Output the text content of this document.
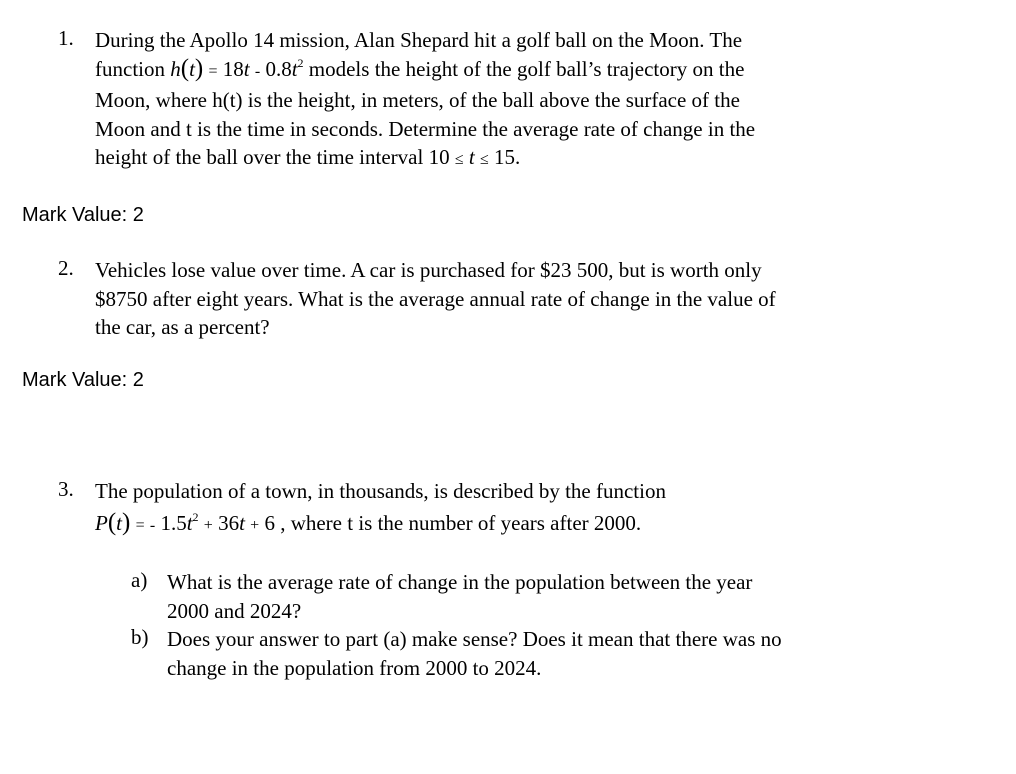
1. During the Apollo 14 mission, Alan Shepard hit a golf ball on the Moon. The
function $h(t) = 18t - 0.8t^2$ models the height of the golf ball’s trajectory on the
Moon, where h(t) is the height, in meters, of the ball above the surface of the
Moon and t is the time in seconds. Determine the average rate of change in the
height of the ball over the time interval 10 ≤ t ≤ 15.
Mark Value: 2
2. Vehicles lose value over time. A car is purchased for $23 500, but is worth only
$8750 after eight years. What is the average annual rate of change in the value of
the car, as a percent?
Mark Value: 2
3. The population of a town, in thousands, is described by the function
P(t) = - $1.5t^2 + 36t + 6$ , where t is the number of years after 2000.
a) What is the average rate of change in the population between the year
2000 and 2024?
b) Does your answer to part (a) make sense? Does it mean that there was no
change in the population from 2000 to 2024.
